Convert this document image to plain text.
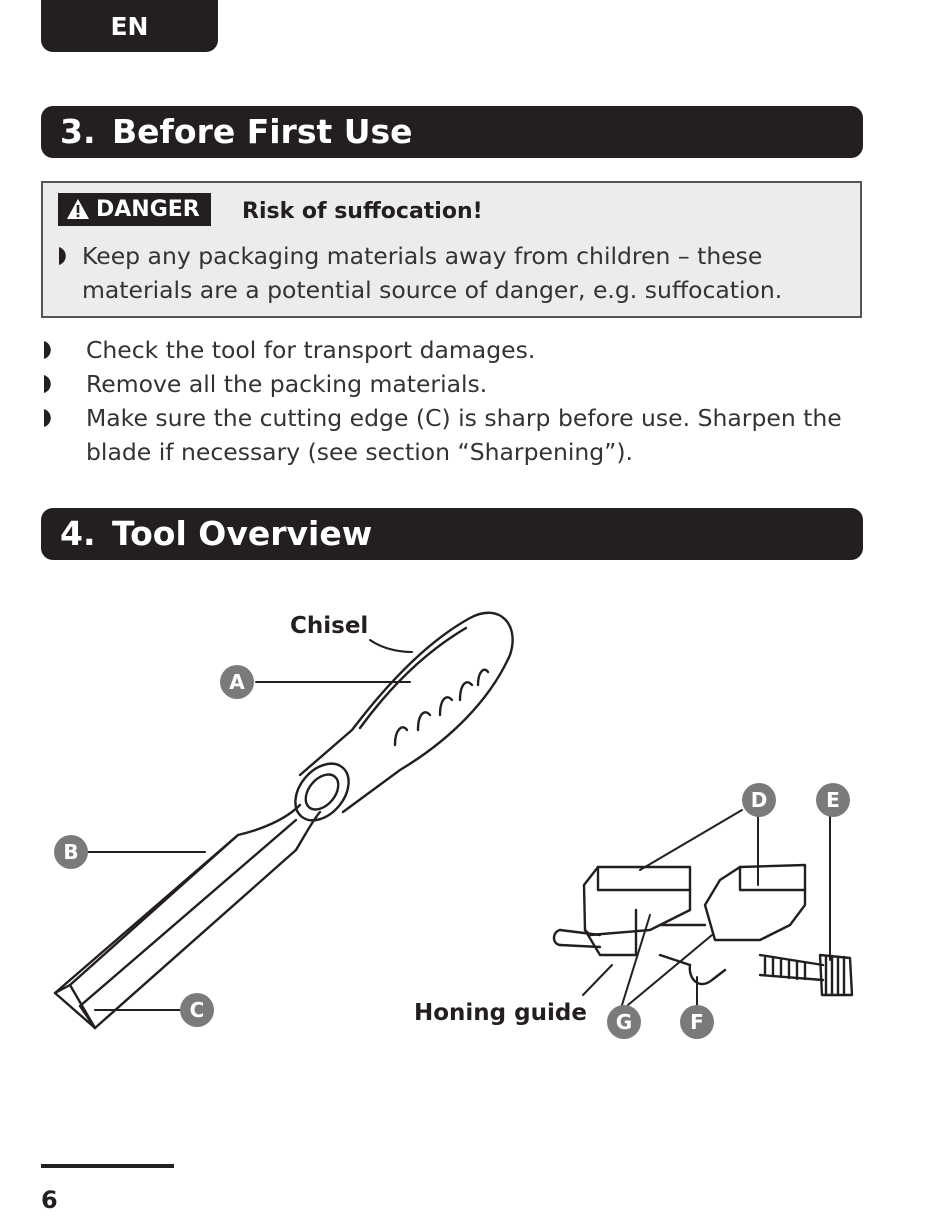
EN
3. Before First Use
DANGER	Risk of suffocation!
Keep any packaging materials away from children – these
materials are a potential source of danger, e.g. suffocation.
Check the tool for transport damages.
Remove all the packing materials.
Make sure the cutting edge (C) is sharp before use. Sharpen the
blade if necessary (see section “Sharpening”).
4. Tool Overview
Chisel
Honing guide
A
B
C
D	E
F
G
6
